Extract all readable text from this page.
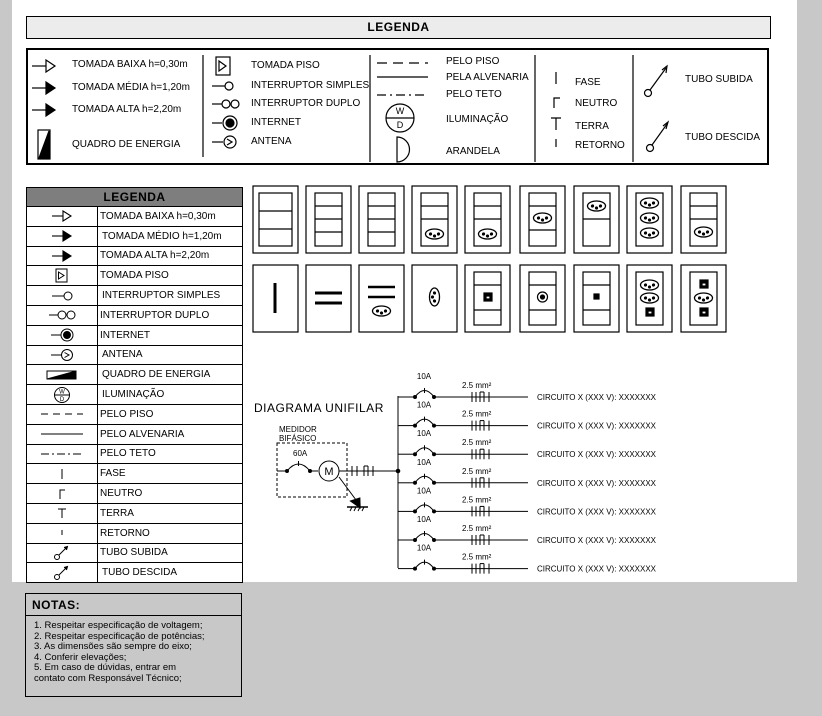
LEGENDA
W
D
TOMADA BAIXA h=0,30m
TOMADA MÉDIA h=1,20m
TOMADA ALTA h=2,20m
QUADRO DE ENERGIA
TOMADA PISO
INTERRUPTOR SIMPLES
INTERRUPTOR DUPLO
INTERNET
ANTENA
PELO PISO
PELA ALVENARIA
PELO TETO
ILUMINAÇÃO
ARANDELA
FASE
NEUTRO
TERRA
RETORNO
TUBO SUBIDA
TUBO DESCIDA
LEGENDA	

	TOMADA BAIXA h=0,30m

	TOMADA MÉDIO h=1,20m

	TOMADA ALTA h=2,20m

	TOMADA PISO

	INTERRUPTOR SIMPLES

	INTERRUPTOR DUPLO

	INTERNET

	ANTENA

	QUADRO DE ENERGIA

W
D	ILUMINAÇÃO

	PELO PISO

	PELO ALVENARIA

	PELO TETO

	FASE

	NEUTRO

	TERRA

	RETORNO

	TUBO SUBIDA

	TUBO DESCIDA
NOTAS:
1. Respeitar especificação de voltagem;
2. Respeitar especificação de potências;
3. As dimensões são sempre do eixo;
4. Conferir elevações;
5. Em caso de dúvidas, entrar em
contato com Responsável Técnico;
DIAGRAMA UNIFILAR
MEDIDOR
BIFÁSICO
60A
M
10A
2.5 mm²
CIRCUITO X (XXX V): XXXXXXX
10A
2.5 mm²
CIRCUITO X (XXX V): XXXXXXX
10A
2.5 mm²
CIRCUITO X (XXX V): XXXXXXX
10A
2.5 mm²
CIRCUITO X (XXX V): XXXXXXX
10A
2.5 mm²
CIRCUITO X (XXX V): XXXXXXX
10A
2.5 mm²
CIRCUITO X (XXX V): XXXXXXX
10A
2.5 mm²
CIRCUITO X (XXX V): XXXXXXX
